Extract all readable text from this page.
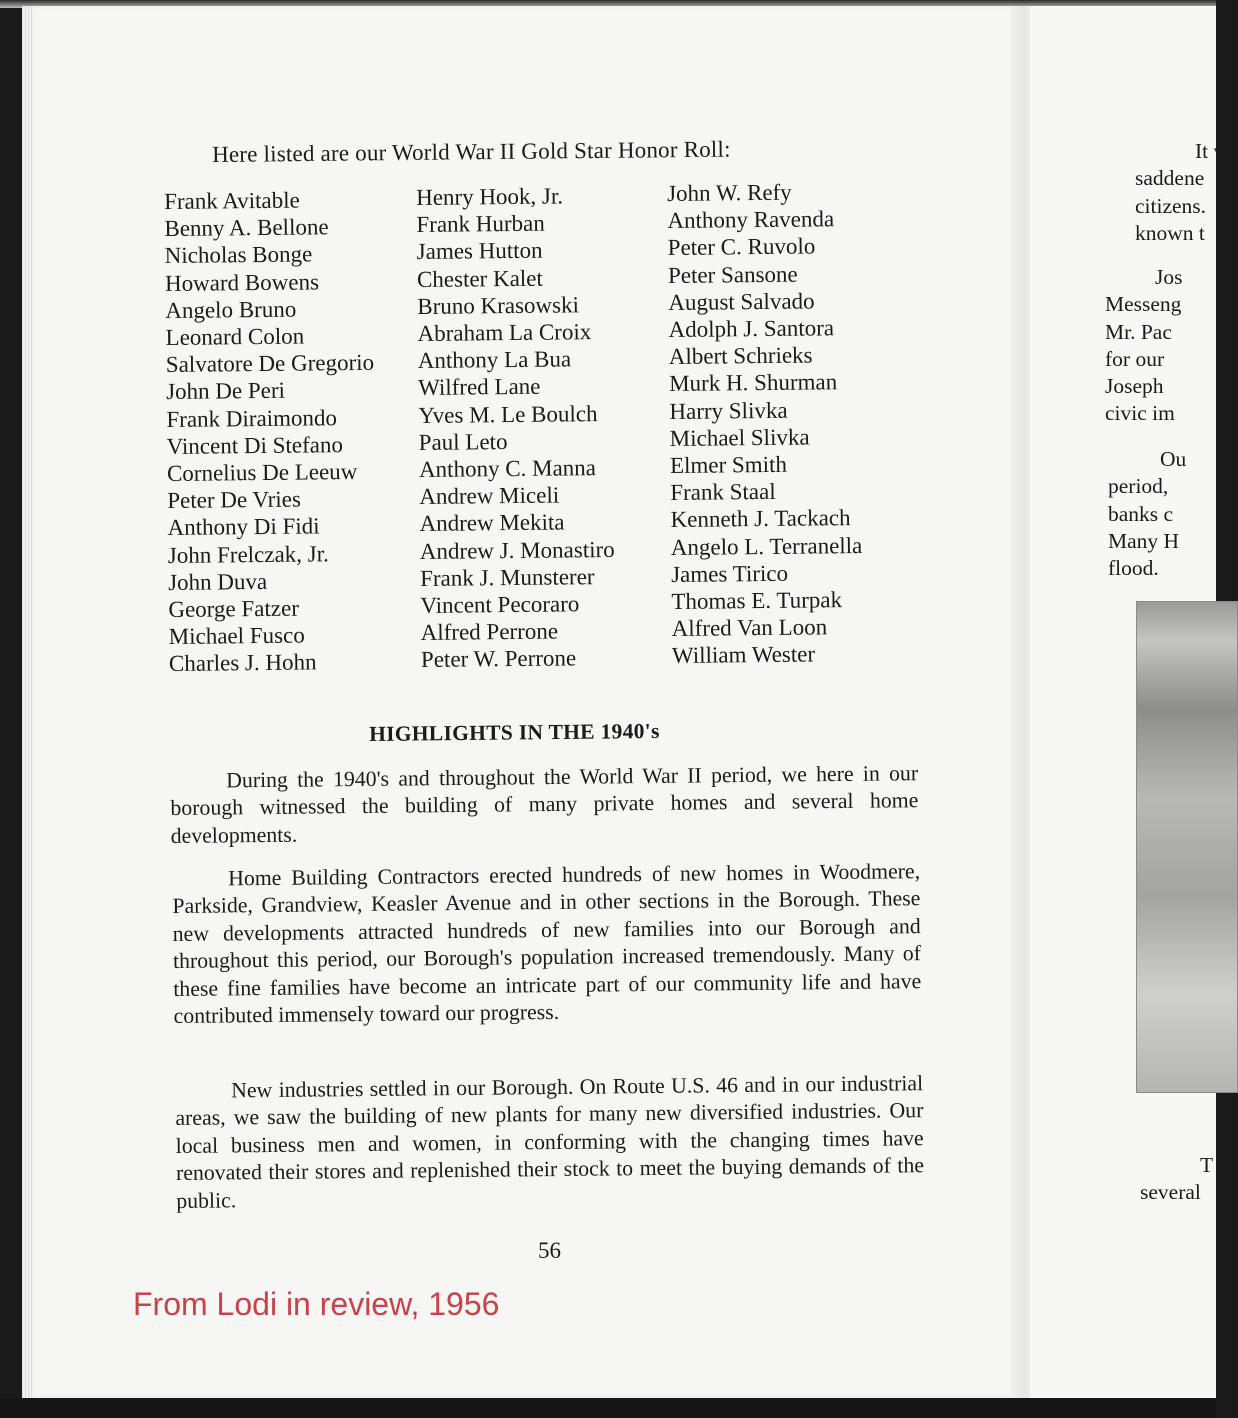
Here listed are our World War II Gold Star Honor Roll:
Frank Avitable
Benny A. Bellone
Nicholas Bonge
Howard Bowens
Angelo Bruno
Leonard Colon
Salvatore De Gregorio
John De Peri
Frank Diraimondo
Vincent Di Stefano
Cornelius De Leeuw
Peter De Vries
Anthony Di Fidi
John Frelczak, Jr.
John Duva
George Fatzer
Michael Fusco
Charles J. Hohn
Henry Hook, Jr.
Frank Hurban
James Hutton
Chester Kalet
Bruno Krasowski
Abraham La Croix
Anthony La Bua
Wilfred Lane
Yves M. Le Boulch
Paul Leto
Anthony C. Manna
Andrew Miceli
Andrew Mekita
Andrew J. Monastiro
Frank J. Munsterer
Vincent Pecoraro
Alfred Perrone
Peter W. Perrone
John W. Refy
Anthony Ravenda
Peter C. Ruvolo
Peter Sansone
August Salvado
Adolph J. Santora
Albert Schrieks
Murk H. Shurman
Harry Slivka
Michael Slivka
Elmer Smith
Frank Staal
Kenneth J. Tackach
Angelo L. Terranella
James Tirico
Thomas E. Turpak
Alfred Van Loon
William Wester
HIGHLIGHTS IN THE 1940's
During the 1940's and throughout the World War II period, we here in our borough witnessed the building of many private homes and several home developments.
Home Building Contractors erected hundreds of new homes in Woodmere, Parkside, Grandview, Keasler Avenue and in other sections in the Borough. These new developments attracted hundreds of new families into our Borough and throughout this period, our Borough's population increased tremendously. Many of these fine families have become an intricate part of our community life and have contributed immensely toward our progress.
New industries settled in our Borough. On Route U.S. 46 and in our industrial areas, we saw the building of new plants for many new diversified industries. Our local business men and women, in conforming with the changing times have renovated their stores and replenished their stock to meet the buying demands of the public.
56
From Lodi in review, 1956
It w
saddene
citizens.
known t
Jos
Messeng
Mr. Pac
for our
Joseph
civic im
Ou
period,
banks c
Many H
flood.
T
several
